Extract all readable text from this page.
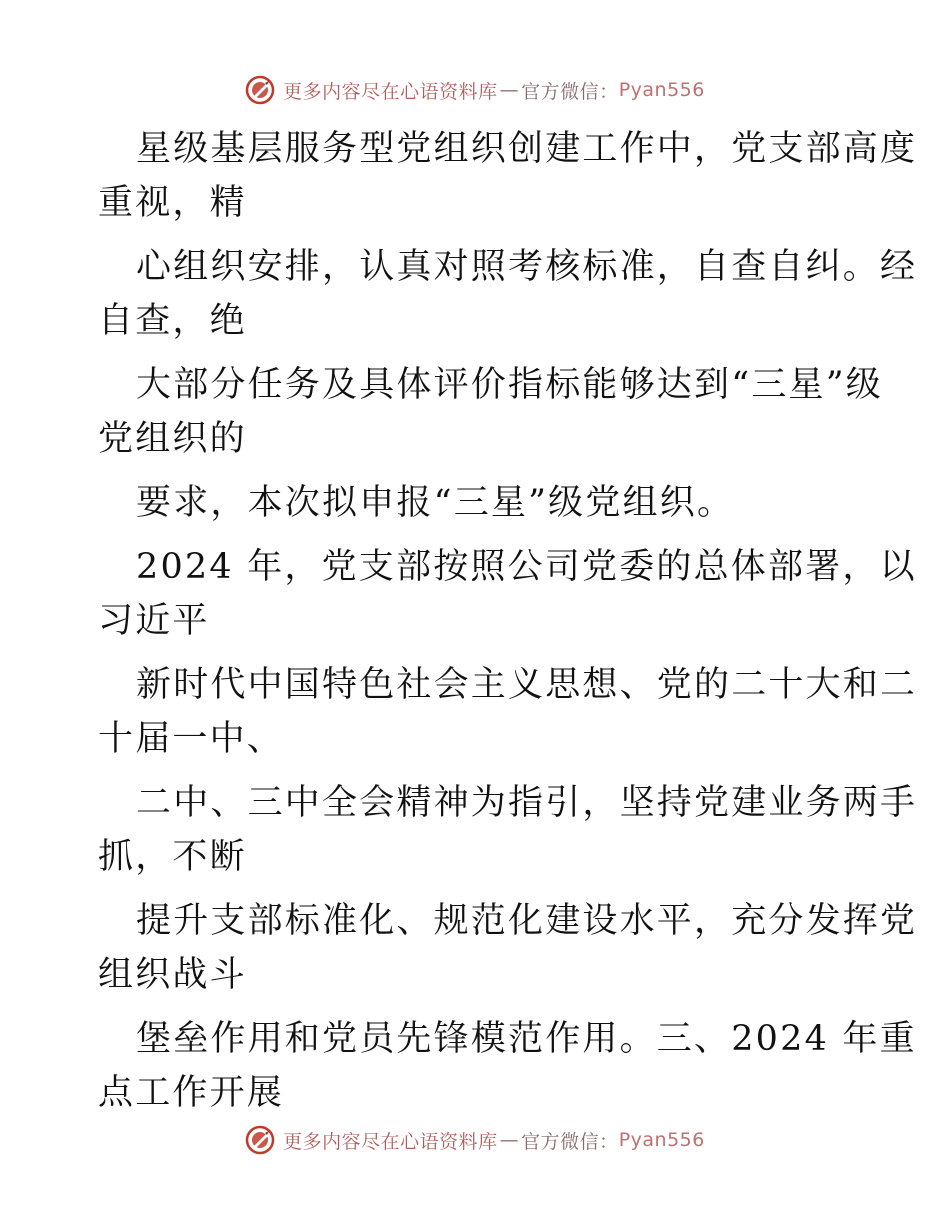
更多内容尽在心语资料库 — 官方微信： Pyan556
星级基层服务型党组织创建工作中，党支部高度
重视，精
心组织安排，认真对照考核标准，自查自纠。经
自查，绝
大部分任务及具体评价指标能够达到“三星”级
党组织的
要求，本次拟申报“三星”级党组织。
2024 年，党支部按照公司党委的总体部署，以
习近平
新时代中国特色社会主义思想、党的二十大和二
十届一中、
二中、三中全会精神为指引，坚持党建业务两手
抓，不断
提升支部标准化、规范化建设水平，充分发挥党
组织战斗
堡垒作用和党员先锋模范作用。三、2024 年重
点工作开展
更多内容尽在心语资料库 — 官方微信： Pyan556
